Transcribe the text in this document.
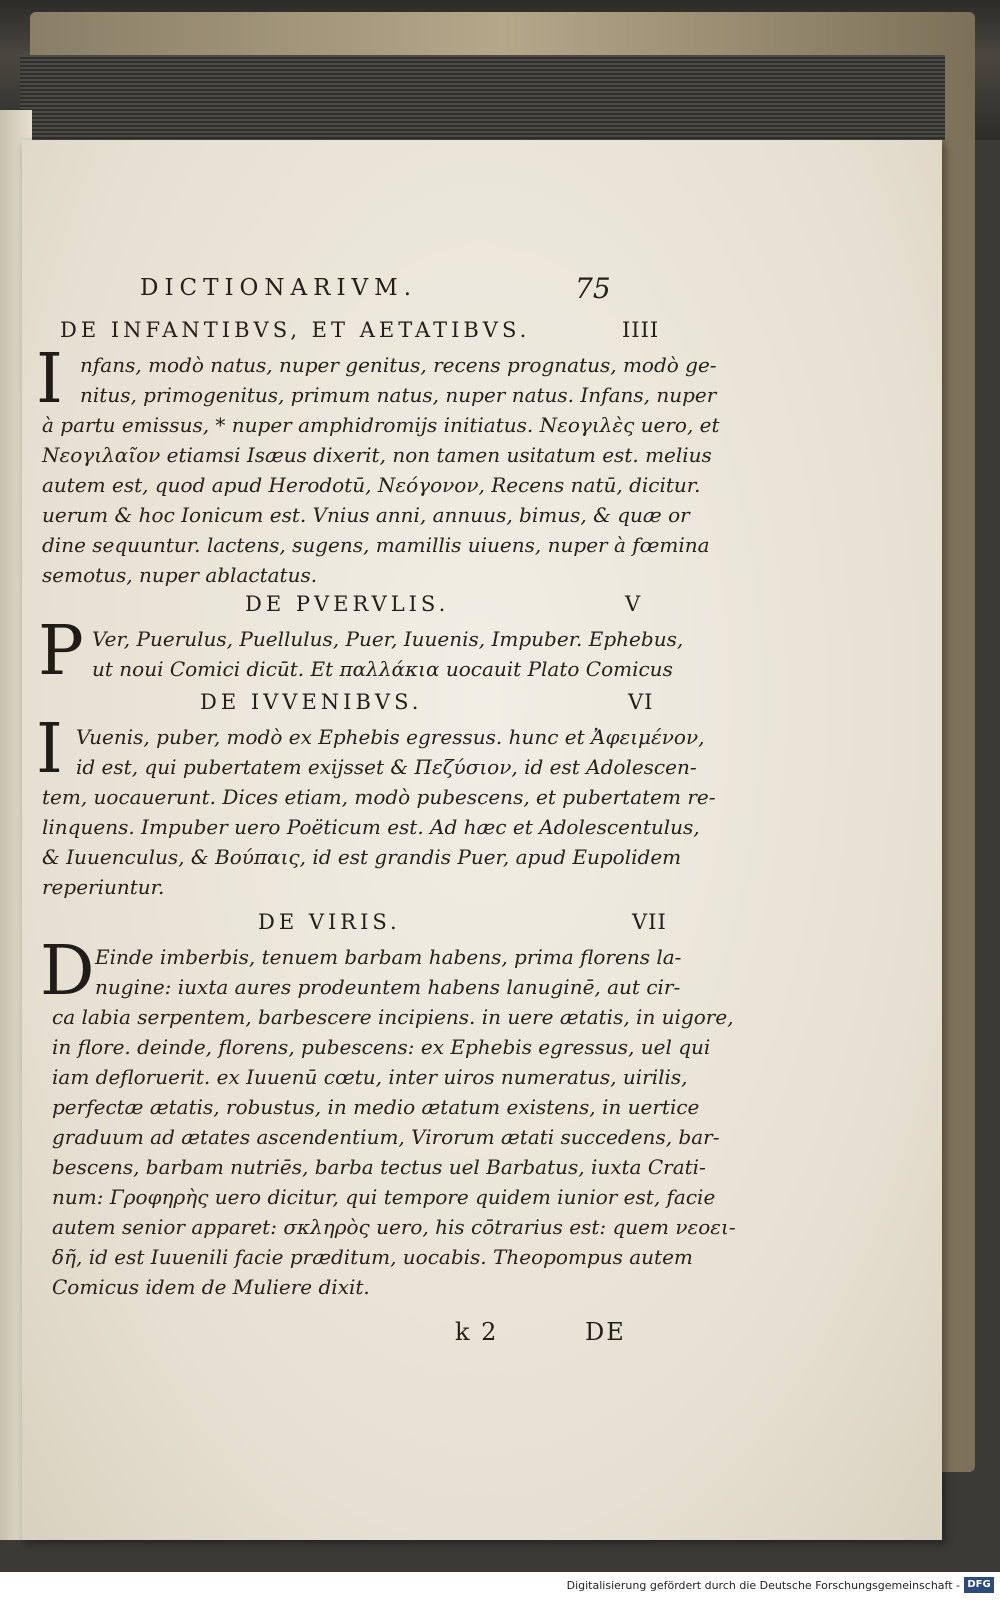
DICTIONARIVM.	75
DE INFANTIBVS, ET AETATIBVS.	IIII
I nfans, modò natus, nuper genitus, recens prognatus, modò ge-
nitus, primogenitus, primum natus, nuper natus. Infans, nuper
à partu emissus, * nuper amphidromijs initiatus. Νεογιλὲς uero, et
Νεογιλαῖον etiamsi Isæus dixerit, non tamen usitatum est. melius
autem est, quod apud Herodotū, Νεόγονον, Recens natū, dicitur.
uerum & hoc Ionicum est. Vnius anni, annuus, bimus, & quæ or
dine sequuntur. lactens, sugens, mamillis uiuens, nuper à fœmina
semotus, nuper ablactatus.
DE PVERVLIS.	V
P Ver, Puerulus, Puellulus, Puer, Iuuenis, Impuber. Ephebus,
ut noui Comici dicūt. Et παλλάκια uocauit Plato Comicus
DE IVVENIBVS.	VI
I Vuenis, puber, modò ex Ephebis egressus. hunc et Ἀφειμένον,
id est, qui pubertatem exijsset & Πεζύσιον, id est Adolescen-
tem, uocauerunt. Dices etiam, modò pubescens, et pubertatem re-
linquens. Impuber uero Poëticum est. Ad hæc et Adolescentulus,
& Iuuenculus, & Βούπαις, id est grandis Puer, apud Eupolidem
reperiuntur.
DE VIRIS.	VII
D Einde imberbis, tenuem barbam habens, prima florens la-
nugine: iuxta aures prodeuntem habens lanuginē, aut cir-
ca labia serpentem, barbescere incipiens. in uere ætatis, in uigore,
in flore. deinde, florens, pubescens: ex Ephebis egressus, uel qui
iam defloruerit. ex Iuuenū cœtu, inter uiros numeratus, uirilis,
perfectæ ætatis, robustus, in medio ætatum existens, in uertice
graduum ad ætates ascendentium, Virorum ætati succedens, bar-
bescens, barbam nutriēs, barba tectus uel Barbatus, iuxta Crati-
num: Γροφηρὴς uero dicitur, qui tempore quidem iunior est, facie
autem senior apparet: σκληρὸς uero, his cōtrarius est: quem νεοει-
δῆ, id est Iuuenili facie præditum, uocabis. Theopompus autem
Comicus idem de Muliere dixit.
k 2	DE
Digitalisierung gefördert durch die Deutsche Forschungsgemeinschaft - DFG
